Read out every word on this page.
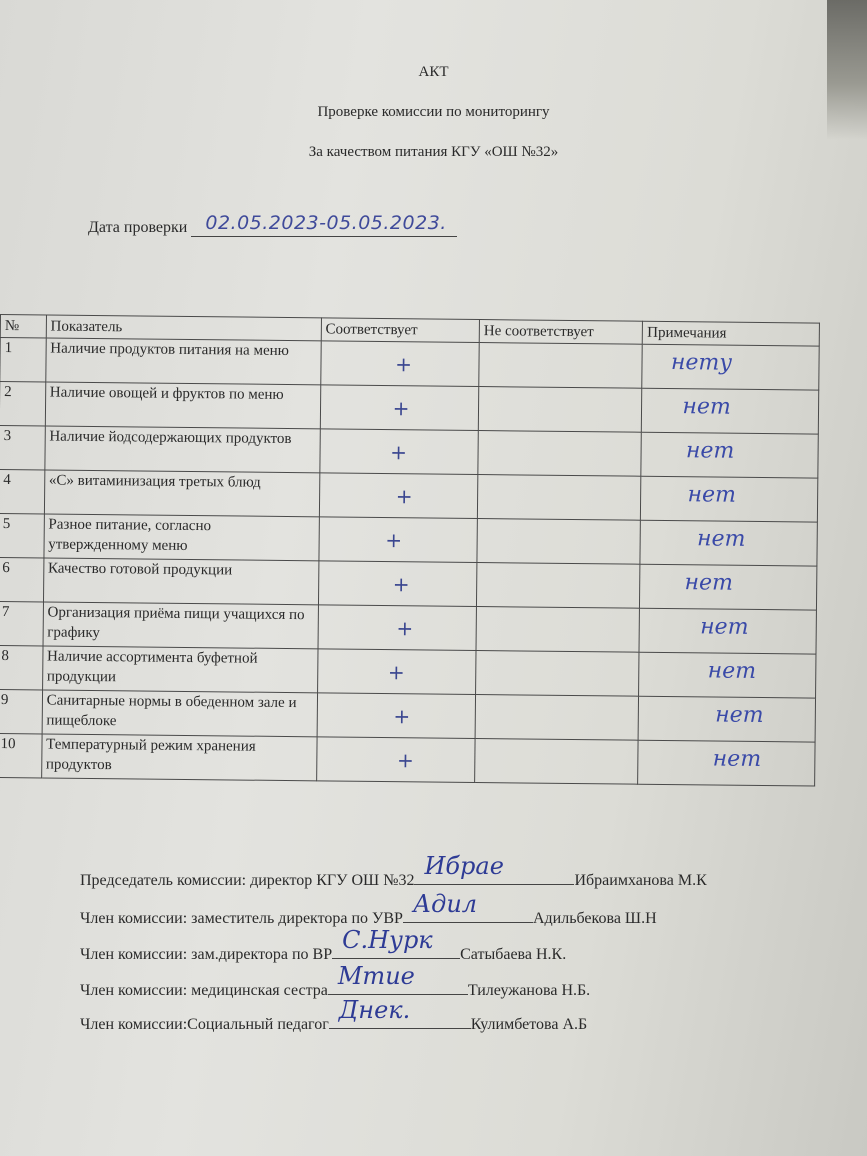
АКТ
Проверке комиссии по мониторингу
За качеством питания КГУ «ОШ №32»
Дата проверки 02.05.2023-05.05.2023.
№	Показатель	Соответствует	Не соответствует	Примечания
1	Наличие продуктов питания на меню	+		нету

2	Наличие овощей и фруктов по меню	+		нет

3	Наличие йодсодержающих продуктов	+		нет

4	«С» витаминизация третых блюд	+		нет

5	Разное питание, согласно утвержденному меню	+		нет

6	Качество готовой продукции	+		нет

7	Организация приёма пищи учащихся по графику	+		нет

8	Наличие ассортимента буфетной продукции	+		нет

9	Санитарные нормы в обеденном зале и пищеблоке	+		нет

10	Температурный режим хранения продуктов	+		нет
Председатель комиссии: директор КГУ ОШ №32
Ибрае
Ибраимханова М.К
Член комиссии: заместитель директора по УВР
Адил
Адильбекова Ш.Н
Член комиссии: зам.директора по ВР
С.Нурк
Сатыбаева Н.К.
Член комиссии: медицинская сестра
Мтие
Тилеужанова Н.Б.
Член комиссии:Социальный педагог
Днек.
Кулимбетова А.Б
